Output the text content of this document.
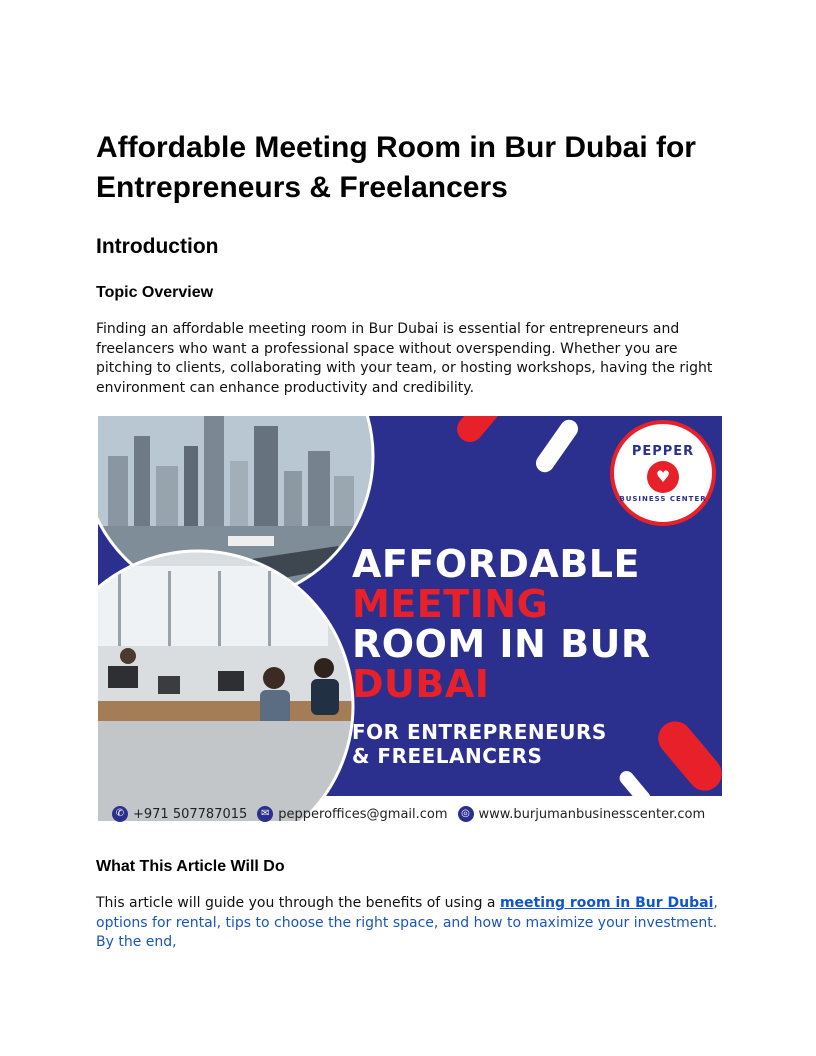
Affordable Meeting Room in Bur Dubai for Entrepreneurs & Freelancers
Introduction
Topic Overview

Finding an affordable meeting room in Bur Dubai is essential for entrepreneurs and freelancers who want a professional space without overspending. Whether you are pitching to clients, collaborating with your team, or hosting workshops, having the right environment can enhance productivity and credibility.

PEPPER
♥
BUSINESS CENTER
AFFORDABLE
MEETING
ROOM IN BUR
DUBAI
FOR ENTREPRENEURS
& FREELANCERS
✆ +971 507787015	✉ pepperoffices@gmail.com	◎ www.burjumanbusinesscenter.com
What This Article Will Do

This article will guide you through the benefits of using a meeting room in Bur Dubai, options for rental, tips to choose the right space, and how to maximize your investment. By the end,
